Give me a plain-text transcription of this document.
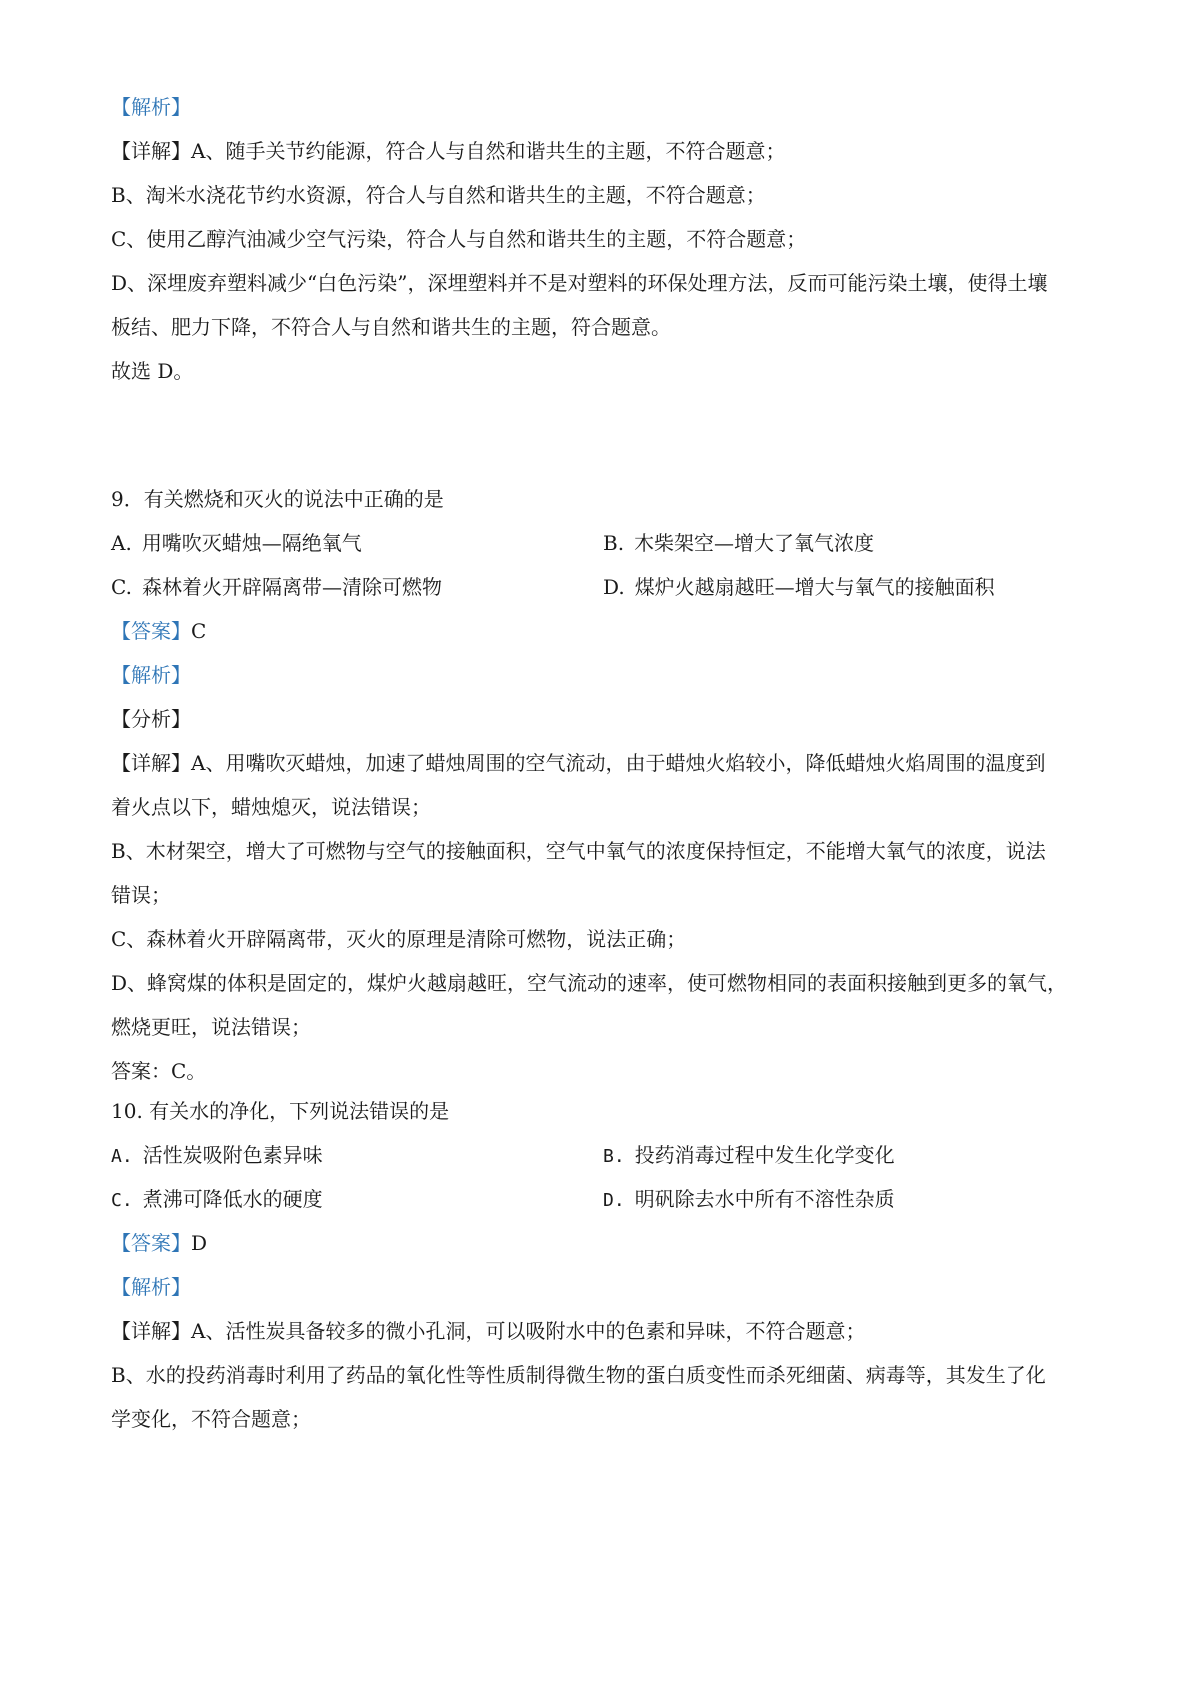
【解析】
【详解】A、随手关节约能源，符合人与自然和谐共生的主题，不符合题意；
B、淘米水浇花节约水资源，符合人与自然和谐共生的主题，不符合题意；
C、使用乙醇汽油减少空气污染，符合人与自然和谐共生的主题，不符合题意；
D、深埋废弃塑料减少“白色污染”，深埋塑料并不是对塑料的环保处理方法，反而可能污染土壤，使得土壤
板结、肥力下降，不符合人与自然和谐共生的主题，符合题意。
故选 D。
9．有关燃烧和灭火的说法中正确的是
A. 用嘴吹灭蜡烛—隔绝氧气	B. 木柴架空—增大了氧气浓度
C. 森林着火开辟隔离带—清除可燃物	D. 煤炉火越扇越旺—增大与氧气的接触面积
【答案】C
【解析】
【分析】
【详解】A、用嘴吹灭蜡烛，加速了蜡烛周围的空气流动，由于蜡烛火焰较小，降低蜡烛火焰周围的温度到
着火点以下，蜡烛熄灭，说法错误；
B、木材架空，增大了可燃物与空气的接触面积，空气中氧气的浓度保持恒定，不能增大氧气的浓度，说法
错误；
C、森林着火开辟隔离带，灭火的原理是清除可燃物，说法正确；
D、蜂窝煤的体积是固定的，煤炉火越扇越旺，空气流动的速率，使可燃物相同的表面积接触到更多的氧气，
燃烧更旺，说法错误；
答案：C。
10. 有关水的净化，下列说法错误的是
A. 活性炭吸附色素异味	B. 投药消毒过程中发生化学变化
C. 煮沸可降低水的硬度	D. 明矾除去水中所有不溶性杂质
【答案】D
【解析】
【详解】A、活性炭具备较多的微小孔洞，可以吸附水中的色素和异味，不符合题意；
B、水的投药消毒时利用了药品的氧化性等性质制得微生物的蛋白质变性而杀死细菌、病毒等，其发生了化
学变化，不符合题意；
